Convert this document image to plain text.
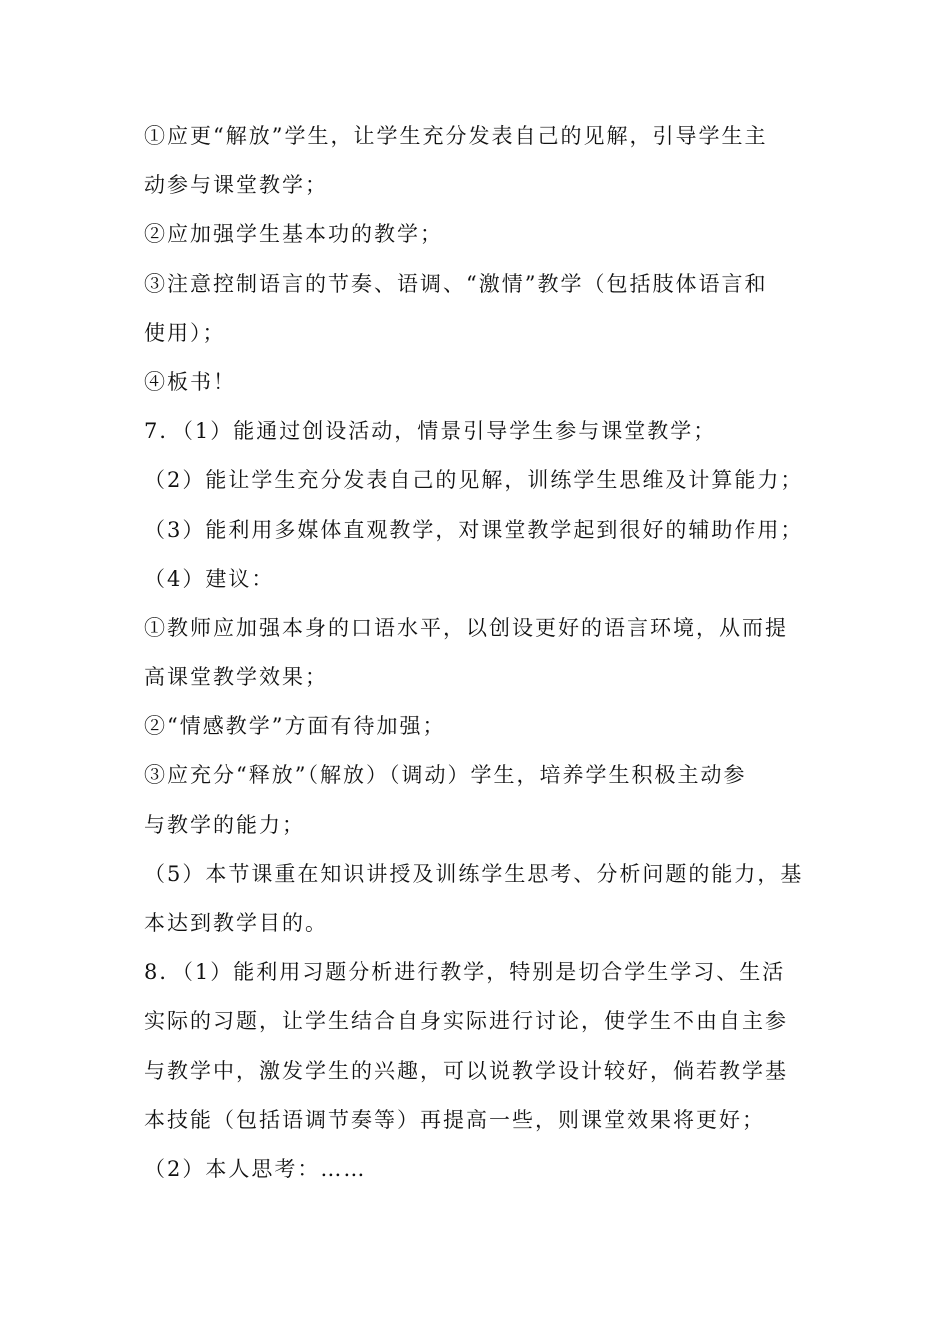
①应更“解放”学生，让学生充分发表自己的见解，引导学生主
动参与课堂教学；
②应加强学生基本功的教学；
③注意控制语言的节奏、语调、“激情”教学（包括肢体语言和
使用）；
④板书！
7．（1）能通过创设活动，情景引导学生参与课堂教学；
（2）能让学生充分发表自己的见解，训练学生思维及计算能力；
（3）能利用多媒体直观教学，对课堂教学起到很好的辅助作用；
（4）建议：
①教师应加强本身的口语水平，以创设更好的语言环境，从而提
高课堂教学效果；
②“情感教学”方面有待加强；
③应充分“释放”（解放）（调动）学生，培养学生积极主动参
与教学的能力；
（5）本节课重在知识讲授及训练学生思考、分析问题的能力，基
本达到教学目的。
8．（1）能利用习题分析进行教学，特别是切合学生学习、生活
实际的习题，让学生结合自身实际进行讨论，使学生不由自主参
与教学中，激发学生的兴趣，可以说教学设计较好，倘若教学基
本技能（包括语调节奏等）再提高一些，则课堂效果将更好；
（2）本人思考：……
